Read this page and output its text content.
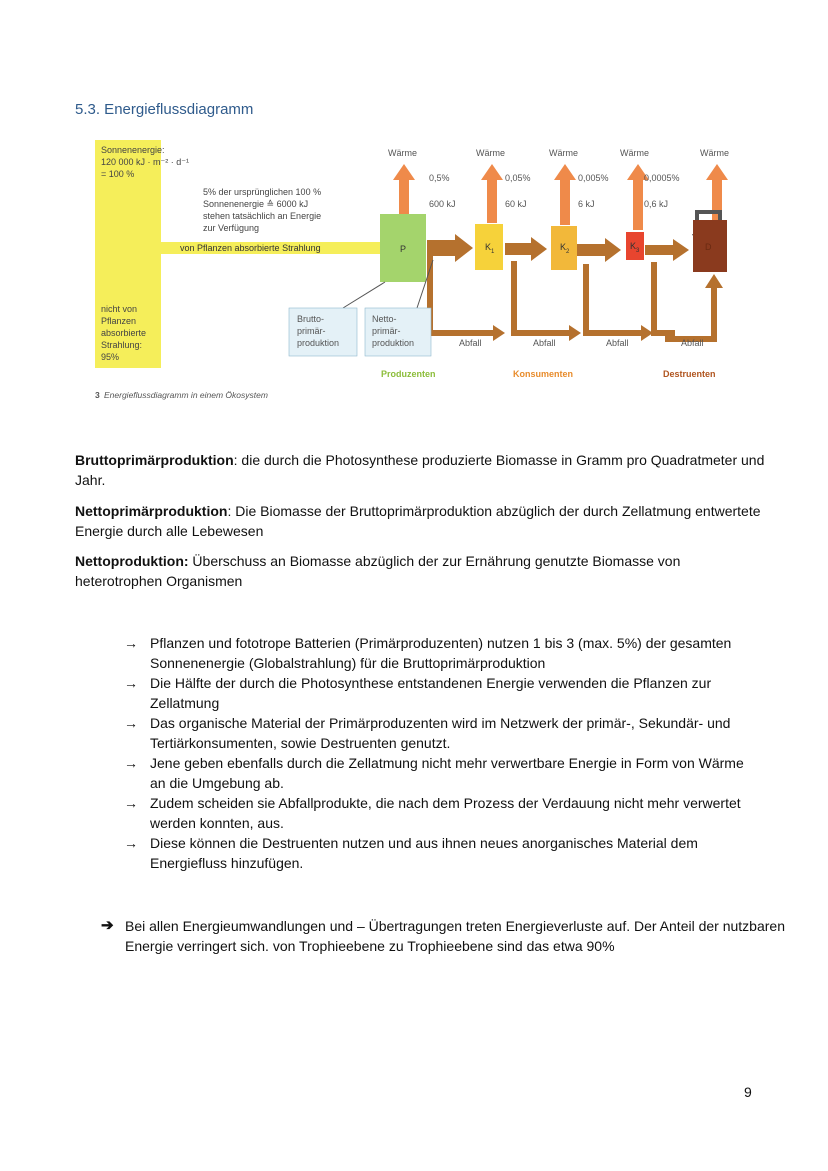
5.3. Energieflussdiagramm
Sonnenenergie:
120 000 kJ · m⁻² · d⁻¹
= 100 %
nicht von
Pflanzen
absorbierte
Strahlung:
95%
5% der ursprünglichen 100 %
Sonnenenergie ≙ 6000 kJ
stehen tatsächlich an Energie
zur Verfügung
von Pflanzen absorbierte Strahlung
Wärme	Wärme	Wärme	Wärme	Wärme
0,5%	0,05%	0,005%	0,0005%
600 kJ	60 kJ	6 kJ	0,6 kJ
P	K 1	K 2
K 3	D
Brutto-
primär-
produktion
Netto-
primär-
produktion	Abfall	Abfall	Abfall	Abfall
Produzenten	Konsumenten	Destruenten
3 Energieflussdiagramm in einem Ökosystem
Bruttoprimärproduktion: die durch die Photosynthese produzierte Biomasse in Gramm pro Quadratmeter und Jahr.
Nettoprimärproduktion: Die Biomasse der Bruttoprimärproduktion abzüglich der durch Zellatmung entwertete Energie durch alle Lebewesen
Nettoproduktion: Überschuss an Biomasse abzüglich der zur Ernährung genutzte Biomasse von heterotrophen Organismen
→ Pflanzen und fototrope Batterien (Primärproduzenten) nutzen 1 bis 3 (max. 5%) der gesamten Sonnenenergie (Globalstrahlung) für die Bruttoprimärproduktion
→ Die Hälfte der durch die Photosynthese entstandenen Energie verwenden die Pflanzen zur Zellatmung
→ Das organische Material der Primärproduzenten wird im Netzwerk der primär-, Sekundär- und Tertiärkonsumenten, sowie Destruenten genutzt.
→ Jene geben ebenfalls durch die Zellatmung nicht mehr verwertbare Energie in Form von Wärme an die Umgebung ab.
→ Zudem scheiden sie Abfallprodukte, die nach dem Prozess der Verdauung nicht mehr verwertet werden konnten, aus.
→ Diese können die Destruenten nutzen und aus ihnen neues anorganisches Material dem Energiefluss hinzufügen.
➔ Bei allen Energieumwandlungen und – Übertragungen treten Energieverluste auf. Der Anteil der nutzbaren Energie verringert sich. von Trophieebene zu Trophieebene sind das etwa 90%
9
